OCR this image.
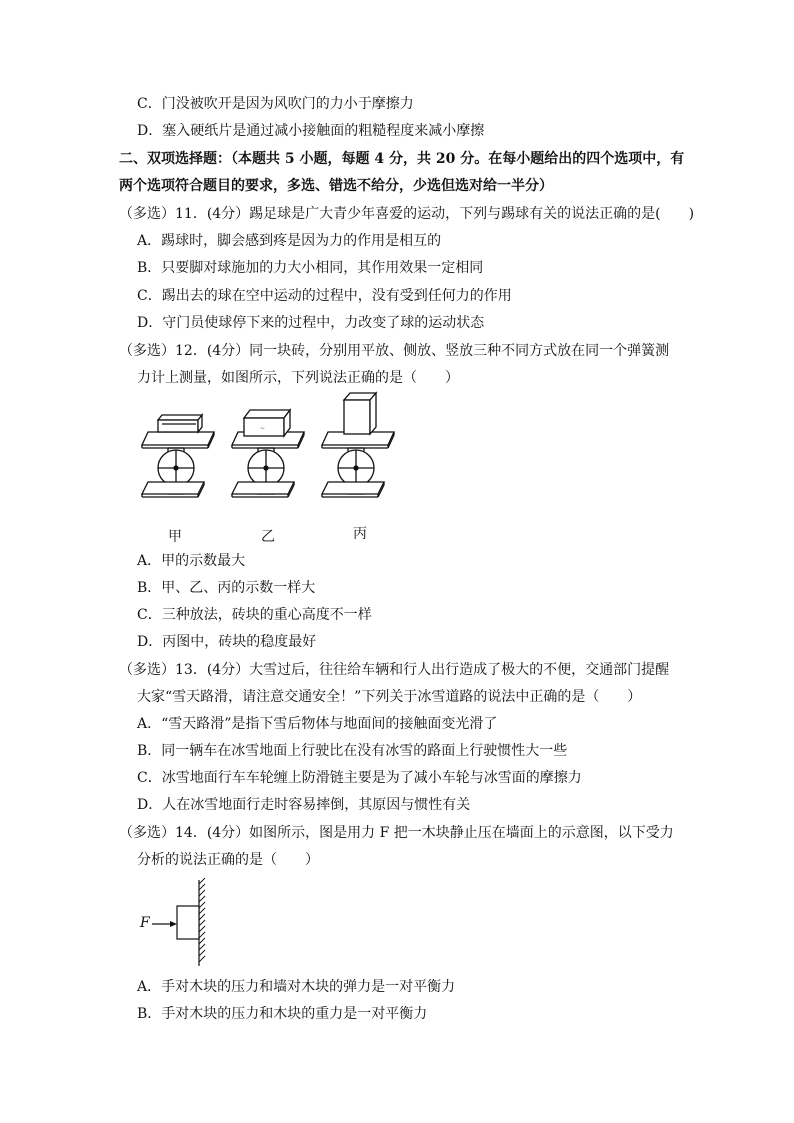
C．门没被吹开是因为风吹门的力小于摩擦力
D．塞入硬纸片是通过减小接触面的粗糙程度来减小摩擦
二、双项选择题：（本题共 5 小题，每题 4 分，共 20 分。在每小题给出的四个选项中，有
两个选项符合题目的要求，多选、错选不给分，少选但选对给一半分）
（多选）11．(4分）踢足球是广大青少年喜爱的运动，下列与踢球有关的说法正确的是(　　)
A．踢球时，脚会感到疼是因为力的作用是相互的
B．只要脚对球施加的力大小相同，其作用效果一定相同
C．踢出去的球在空中运动的过程中，没有受到任何力的作用
D．守门员使球停下来的过程中，力改变了球的运动状态
（多选）12．(4分）同一块砖，分别用平放、侧放、竖放三种不同方式放在同一个弹簧测
力计上测量，如图所示，下列说法正确的是（　　）
~
甲	乙	丙
A．甲的示数最大
B．甲、乙、丙的示数一样大
C．三种放法，砖块的重心高度不一样
D．丙图中，砖块的稳度最好
（多选）13．(4分）大雪过后，往往给车辆和行人出行造成了极大的不便，交通部门提醒
大家“雪天路滑，请注意交通安全！”下列关于冰雪道路的说法中正确的是（　　）
A．“雪天路滑”是指下雪后物体与地面间的接触面变光滑了
B．同一辆车在冰雪地面上行驶比在没有冰雪的路面上行驶惯性大一些
C．冰雪地面行车车轮缠上防滑链主要是为了减小车轮与冰雪面的摩擦力
D．人在冰雪地面行走时容易摔倒，其原因与惯性有关
（多选）14．(4分）如图所示，图是用力 F 把一木块静止压在墙面上的示意图，以下受力
分析的说法正确的是（　　）
F
A．手对木块的压力和墙对木块的弹力是一对平衡力
B．手对木块的压力和木块的重力是一对平衡力
